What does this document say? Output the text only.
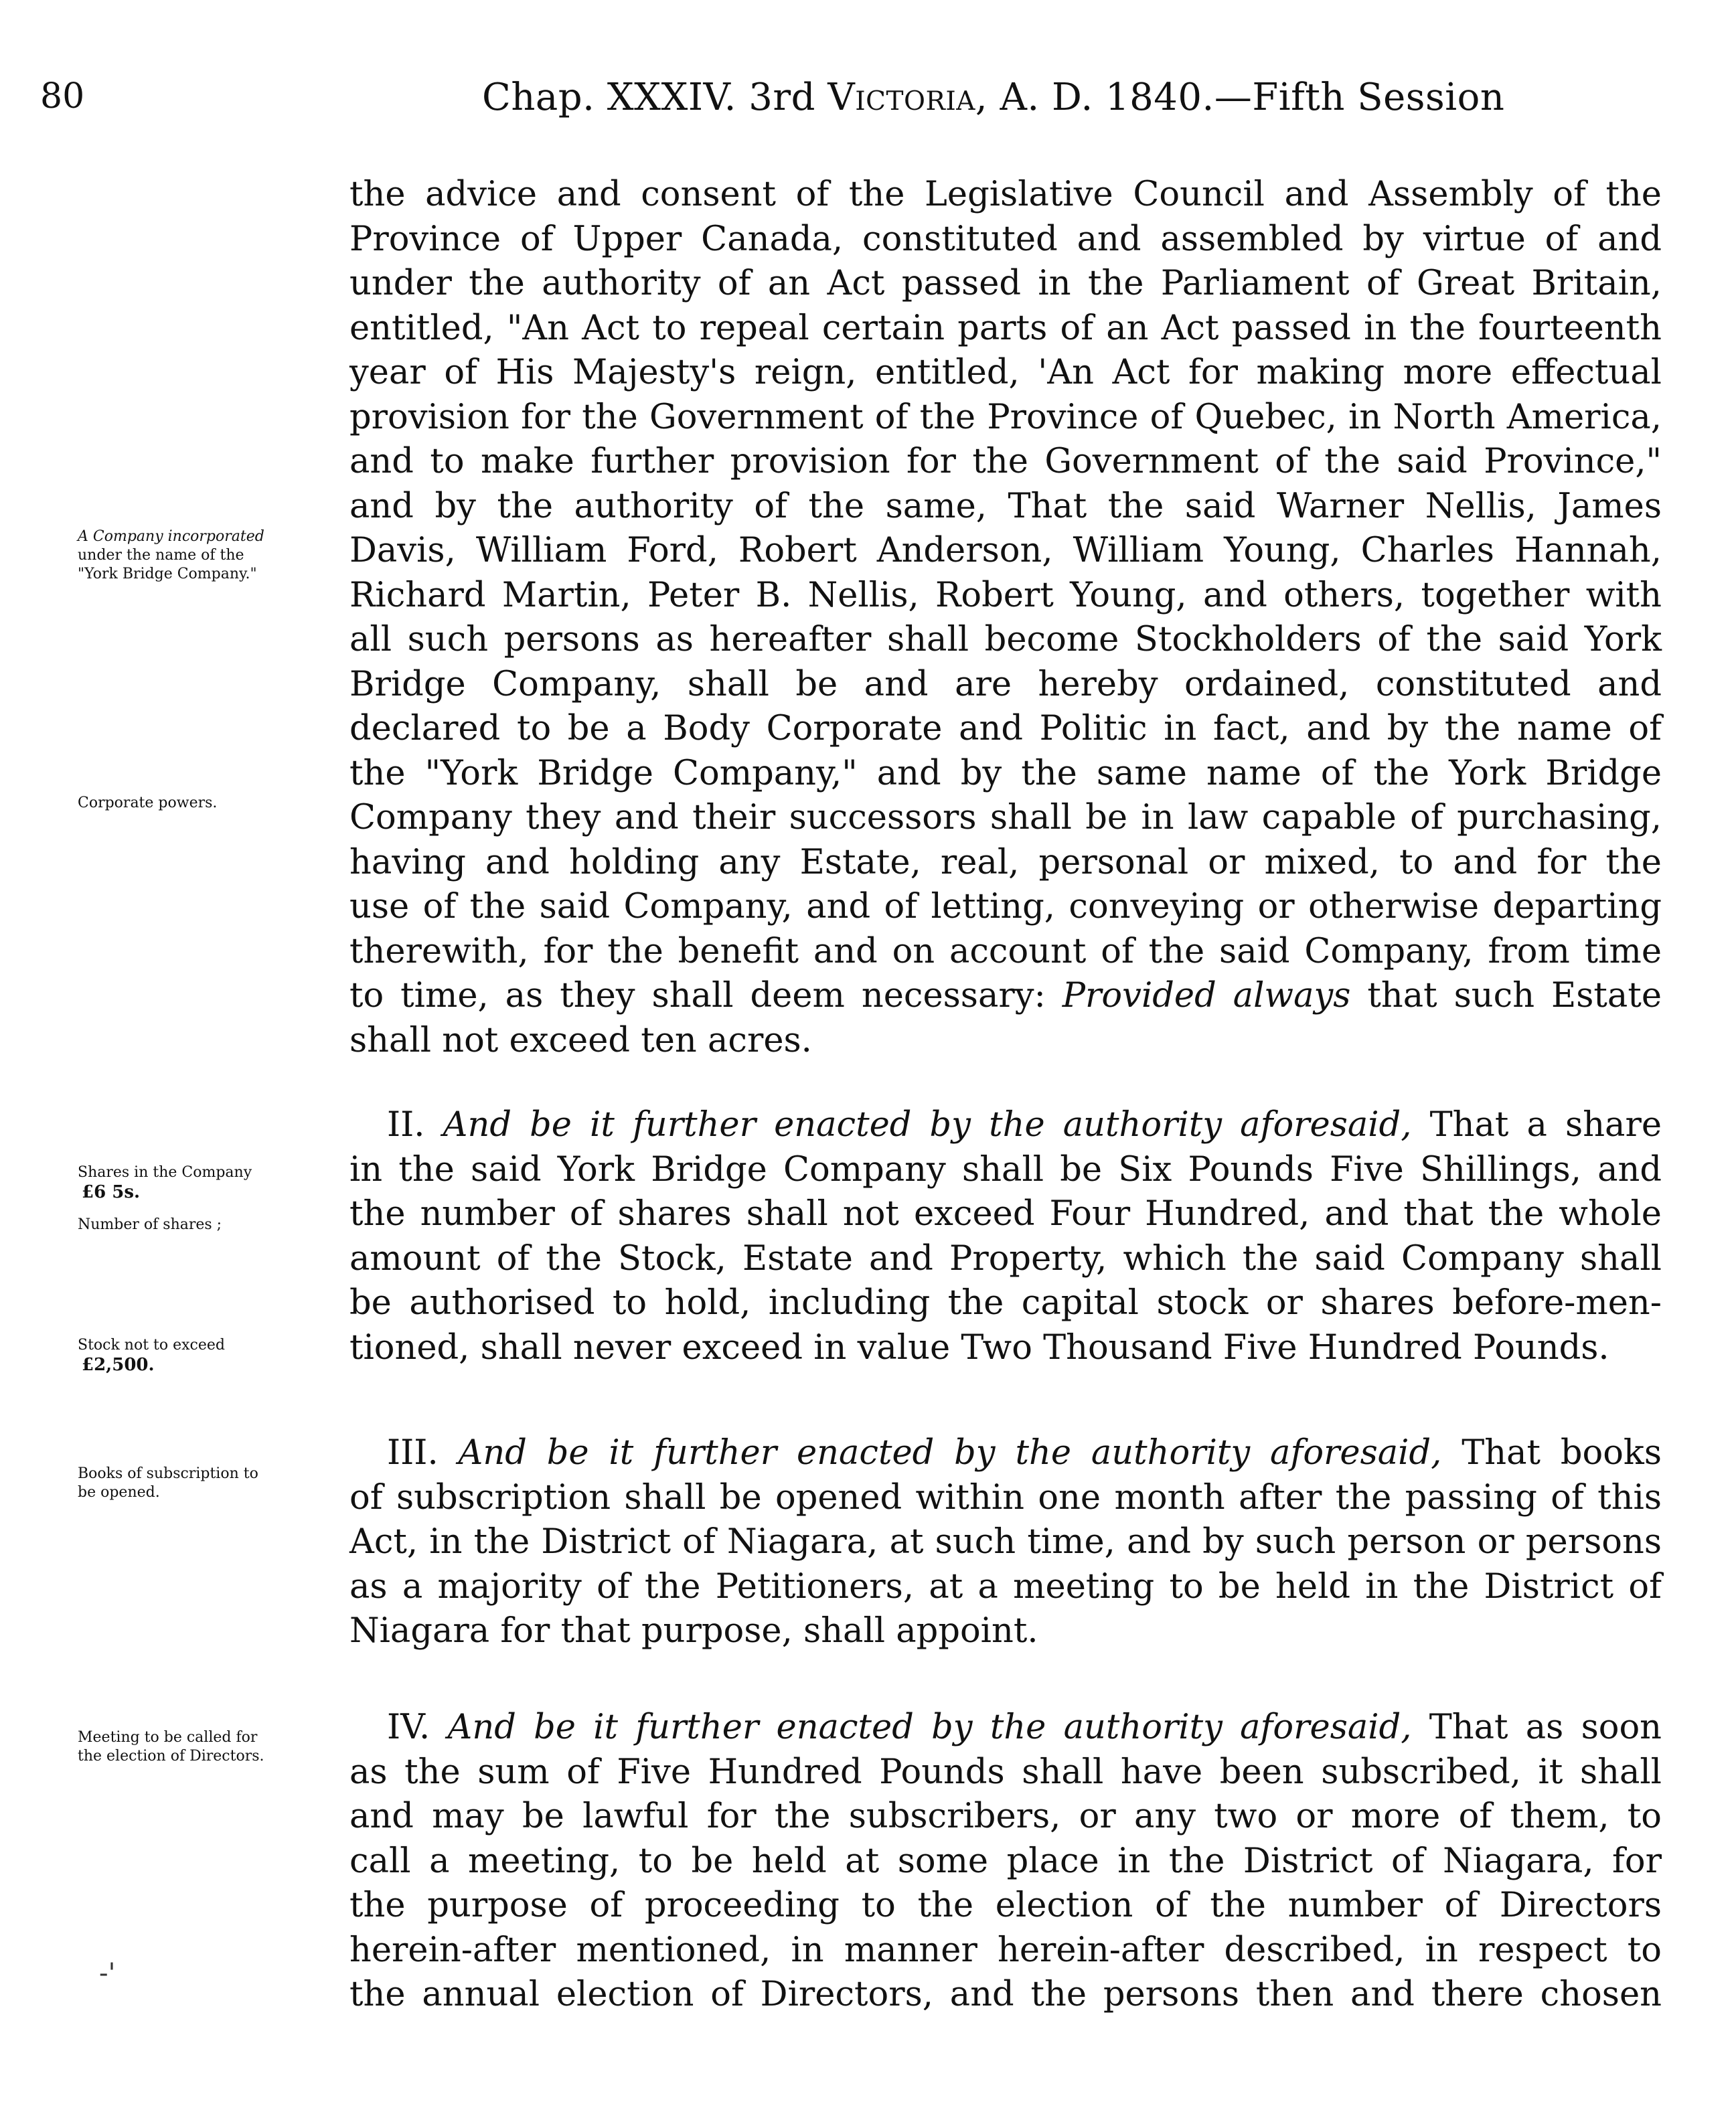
80	Chap. XXXIV. 3rd Victoria, A. D. 1840.—Fifth Session
A Company incorporated
under the name of the
"York Bridge Company."
Corporate powers.
Shares in the Company
£6 5s.
Number of shares ;
Stock not to exceed
£2,500.
Books of subscription to
be opened.
Meeting to be called for
the election of Directors.
-'
the advice and consent of the Legislative Council and Assembly of the
Province of Upper Canada, constituted and assembled by virtue of and
under the authority of an Act passed in the Parliament of Great Britain,
entitled, "An Act to repeal certain parts of an Act passed in the fourteenth
year of His Majesty's reign, entitled, 'An Act for making more effectual
provision for the Government of the Province of Quebec, in North America,
and to make further provision for the Government of the said Province,"
and by the authority of the same, That the said Warner Nellis, James
Davis, William Ford, Robert Anderson, William Young, Charles Hannah,
Richard Martin, Peter B. Nellis, Robert Young, and others, together with
all such persons as hereafter shall become Stockholders of the said York
Bridge Company, shall be and are hereby ordained, constituted and
declared to be a Body Corporate and Politic in fact, and by the name of
the "York Bridge Company," and by the same name of the York Bridge
Company they and their successors shall be in law capable of purchasing,
having and holding any Estate, real, personal or mixed, to and for the
use of the said Company, and of letting, conveying or otherwise departing
therewith, for the benefit and on account of the said Company, from time
to time, as they shall deem necessary: Provided always that such Estate
shall not exceed ten acres.
II. And be it further enacted by the authority aforesaid, That a share
in the said York Bridge Company shall be Six Pounds Five Shillings, and
the number of shares shall not exceed Four Hundred, and that the whole
amount of the Stock, Estate and Property, which the said Company shall
be authorised to hold, including the capital stock or shares before-men-
tioned, shall never exceed in value Two Thousand Five Hundred Pounds.
III. And be it further enacted by the authority aforesaid, That books
of subscription shall be opened within one month after the passing of this
Act, in the District of Niagara, at such time, and by such person or persons
as a majority of the Petitioners, at a meeting to be held in the District of
Niagara for that purpose, shall appoint.
IV. And be it further enacted by the authority aforesaid, That as soon
as the sum of Five Hundred Pounds shall have been subscribed, it shall
and may be lawful for the subscribers, or any two or more of them, to
call a meeting, to be held at some place in the District of Niagara, for
the purpose of proceeding to the election of the number of Directors
herein-after mentioned, in manner herein-after described, in respect to
the annual election of Directors, and the persons then and there chosen
